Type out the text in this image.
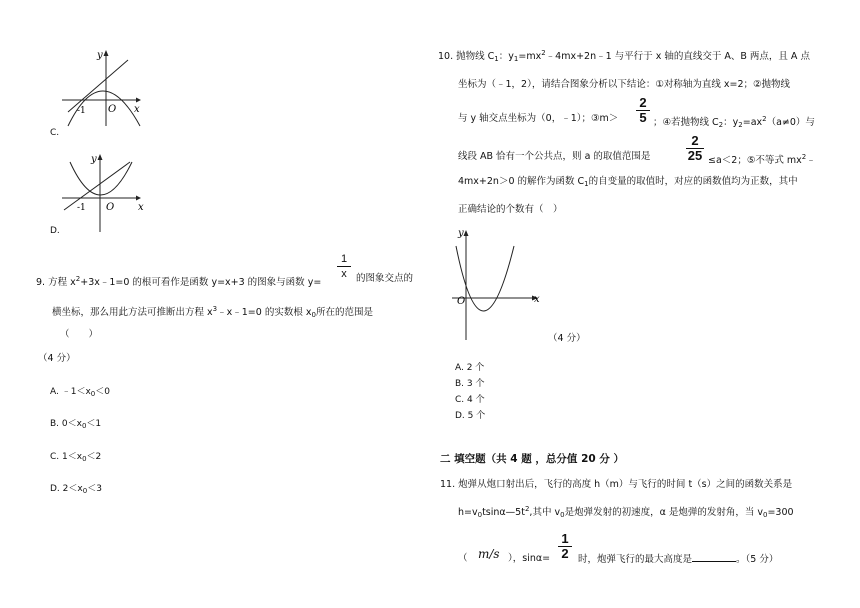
y
x
O
-1
C.
y
x
O
-1
D.
9. 方程 $x^2+3x﹣1=0$ 的根可看作是函数 y=x+3 的图象与函数 y=
$\frac{1}{x}$ 的图象交点的
横坐标，那么用此方法可推断出方程 $x^3﹣x﹣1=0$ 的实数根 $x_0$所在的范围是
（　　）
（4 分）
A. $﹣1<x_0<0$
B. $0<x_0<1$
C. $1<x_0<2$
D. $2<x_0<3$
10. 抛物线 $C_1$：$y_1=mx^2﹣4mx+2n﹣1$ 与平行于 x 轴的直线交于 A、B 两点，且 A 点
坐标为（﹣1，2），请结合图象分析以下结论：①对称轴为直线 x=2；②抛物线
与 y 轴交点坐标为（0，﹣1）；③m＞ $\frac{2}{5}$ ；④若抛物线 $C_2$：$y_2=ax^2(a\ne 0)$与
线段 AB 恰有一个公共点，则 a 的取值范围是	$\frac{2}{25} \le a<2$；⑤不等式 $mx^2﹣$
4mx+2n＞0 的解作为函数 $C_1$的自变量的取值时，对应的函数值均为正数，其中
正确结论的个数有（　）
y
x
O
（4 分）
A. 2 个
B. 3 个
C. 4 个
D. 5 个
二 填空题（共 4 题 ，总分值 20 分 ）
11. 炮弹从炮口射出后，飞行的高度 h（m）与飞行的时间 t（s）之间的函数关系是
$h=v_0tsin\alpha—5t^2$,其中 $v_0$是炮弹发射的初速度，α 是炮弹的发射角，当 $v_0=300$
（ m/s ），$\sin\alpha= \frac{1}{2}$ 时，炮弹飞行的最大高度是	。（5 分）
